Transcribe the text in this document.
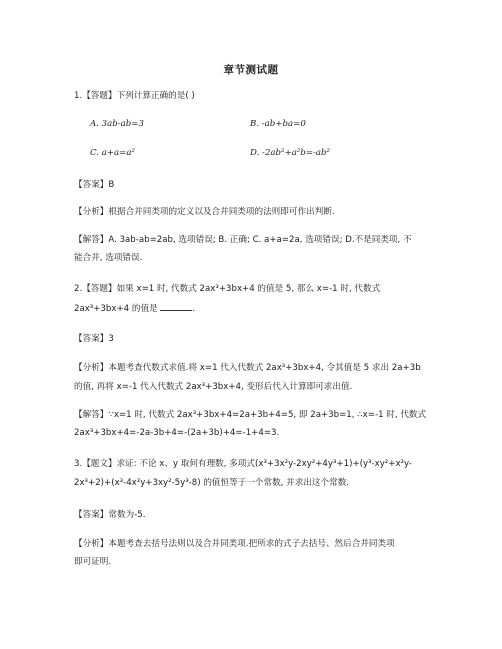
章节测试题
1.【答题】下列计算正确的是( )
A. 3ab-ab=3	B. -ab+ba=0
C. a+a=a²	D. -2ab²+a²b=-ab²
【答案】B
【分析】根据合并同类项的定义以及合并同类项的法则即可作出判断.
【解答】A. 3ab-ab=2ab, 选项错误; B. 正确; C. a+a=2a, 选项错误; D.不是同类项, 不
能合并, 选项错误.
2.【答题】如果 x=1 时, 代数式 2ax³+3bx+4 的值是 5, 那么 x=-1 时, 代数式
2ax³+3bx+4 的值是	.
【答案】3
【分析】本题考查代数式求值.将 x=1 代入代数式 2ax³+3bx+4, 令其值是 5 求出 2a+3b
的值, 再将 x=-1 代入代数式 2ax³+3bx+4, 变形后代入计算即可求出值.
【解答】∵x=1 时, 代数式 2ax³+3bx+4=2a+3b+4=5, 即 2a+3b=1, ∴x=-1 时, 代数式
2ax³+3bx+4=-2a-3b+4=-(2a+3b)+4=-1+4=3.
3.【题文】求证: 不论 x、y 取何有理数, 多项式(x³+3x²y-2xy²+4y³+1)+(y³-xy²+x²y-
2x³+2)+(x³-4x²y+3xy²-5y³-8) 的值恒等于一个常数, 并求出这个常数.
【答案】常数为-5.
【分析】本题考查去括号法则以及合并同类项.把所求的式子去括号、然后合并同类项
即可证明.
